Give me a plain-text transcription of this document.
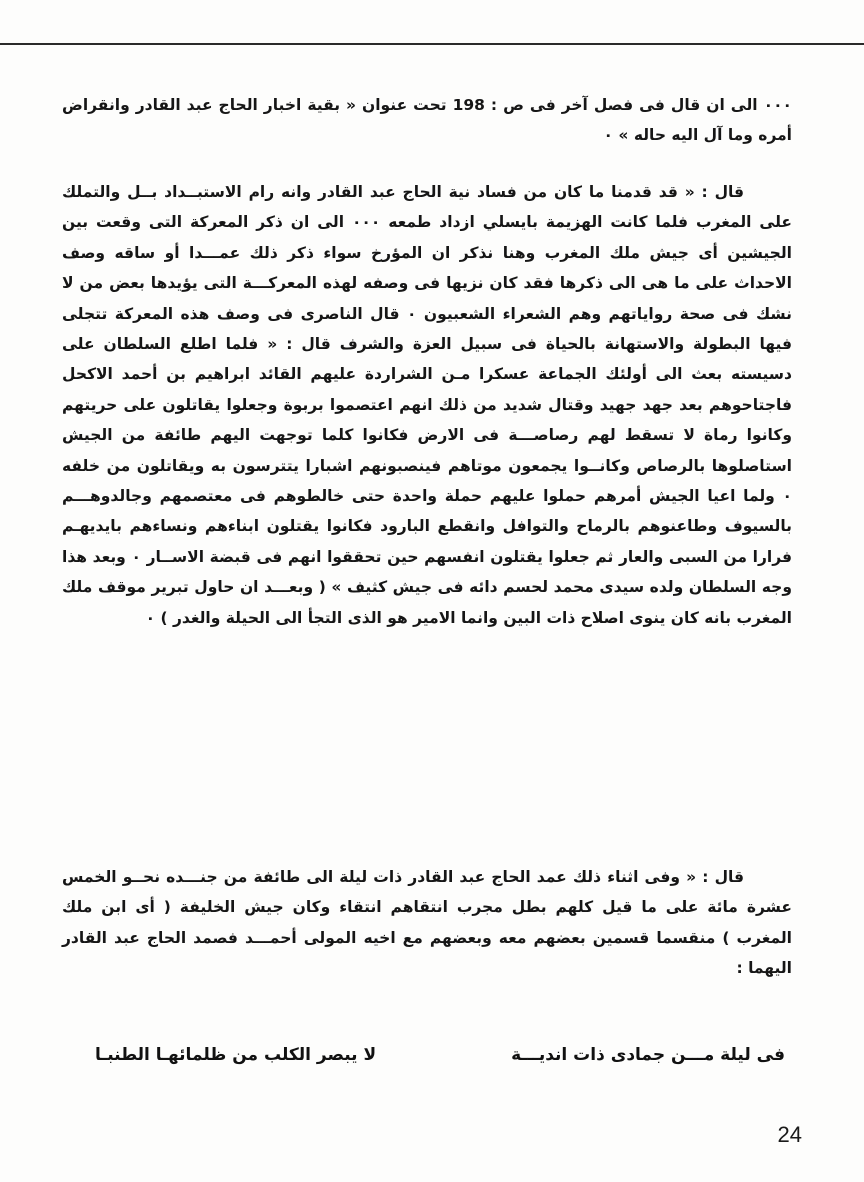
٠٠٠ الى ان قال فى فصل آخر فى ص : 198 تحت عنوان « بقية اخبار الحاج عبد القادر وانقراض أمره وما آل اليه حاله » ٠

قال : « قد قدمنا ما كان من فساد نية الحاج عبد القادر وانه رام الاستبــداد بــل والتملك على المغرب فلما كانت الهزيمة بايسلي ازداد طمعه ٠٠٠ الى ان ذكر المعركة التى وقعت بين الجيشين أى جيش ملك المغرب وهنا نذكر ان المؤرخ سواء ذكر ذلك عمـــدا أو ساقه وصف الاحداث على ما هى الى ذكرها فقد كان نزيها فى وصفه لهذه المعركـــة التى يؤيدها بعض من لا نشك فى صحة رواياتهم وهم الشعراء الشعبيون ٠ قال الناصرى فى وصف هذه المعركة تتجلى فيها البطولة والاستهانة بالحياة فى سبيل العزة والشرف قال : « فلما اطلع السلطان على دسيسته بعث الى أولئك الجماعة عسكرا مـن الشراردة عليهم القائد ابراهيم بن أحمد الاكحل فاجتاحوهم بعد جهد جهيد وقتال شديد من ذلك انهم اعتصموا بربوة وجعلوا يقاتلون على حريتهم وكانوا رماة لا تسقط لهم رصاصـــة فى الارض فكانوا كلما توجهت اليهم طائفة من الجيش استاصلوها بالرصاص وكانــوا يجمعون موتاهم فينصبونهم اشبارا يتترسون به ويقاتلون من خلفه ٠ ولما اعيا الجيش أمرهم حملوا عليهم حملة واحدة حتى خالطوهم فى معتصمهم وجالدوهـــم بالسيوف وطاعنوهم بالرماح والتوافل وانقطع البارود فكانوا يقتلون ابناءهم ونساءهم بايديهـم فرارا من السبى والعار ثم جعلوا يقتلون انفسهم حين تحققوا انهم فى قبضة الاســار ٠ وبعد هذا وجه السلطان ولده سيدى محمد لحسم دائه فى جيش كثيف » ( وبعـــد ان حاول تبرير موقف ملك المغرب بانه كان ينوى اصلاح ذات البين وانما الامير هو الذى التجأ الى الحيلة والغدر ) ٠

قال : « وفى اثناء ذلك عمد الحاج عبد القادر ذات ليلة الى طائفة من جنـــده نحــو الخمس عشرة مائة على ما قيل كلهم بطل مجرب انتقاهم انتقاء وكان جيش الخليفة ( أى ابن ملك المغرب ) منقسما قسمين بعضهم معه وبعضهم مع اخيه المولى أحمـــد فصمد الحاج عبد القادر اليهما :

فى ليلة مـــن جمادى ذات انديـــة
لا يبصر الكلب من ظلمائهـا الطنبـا
24
